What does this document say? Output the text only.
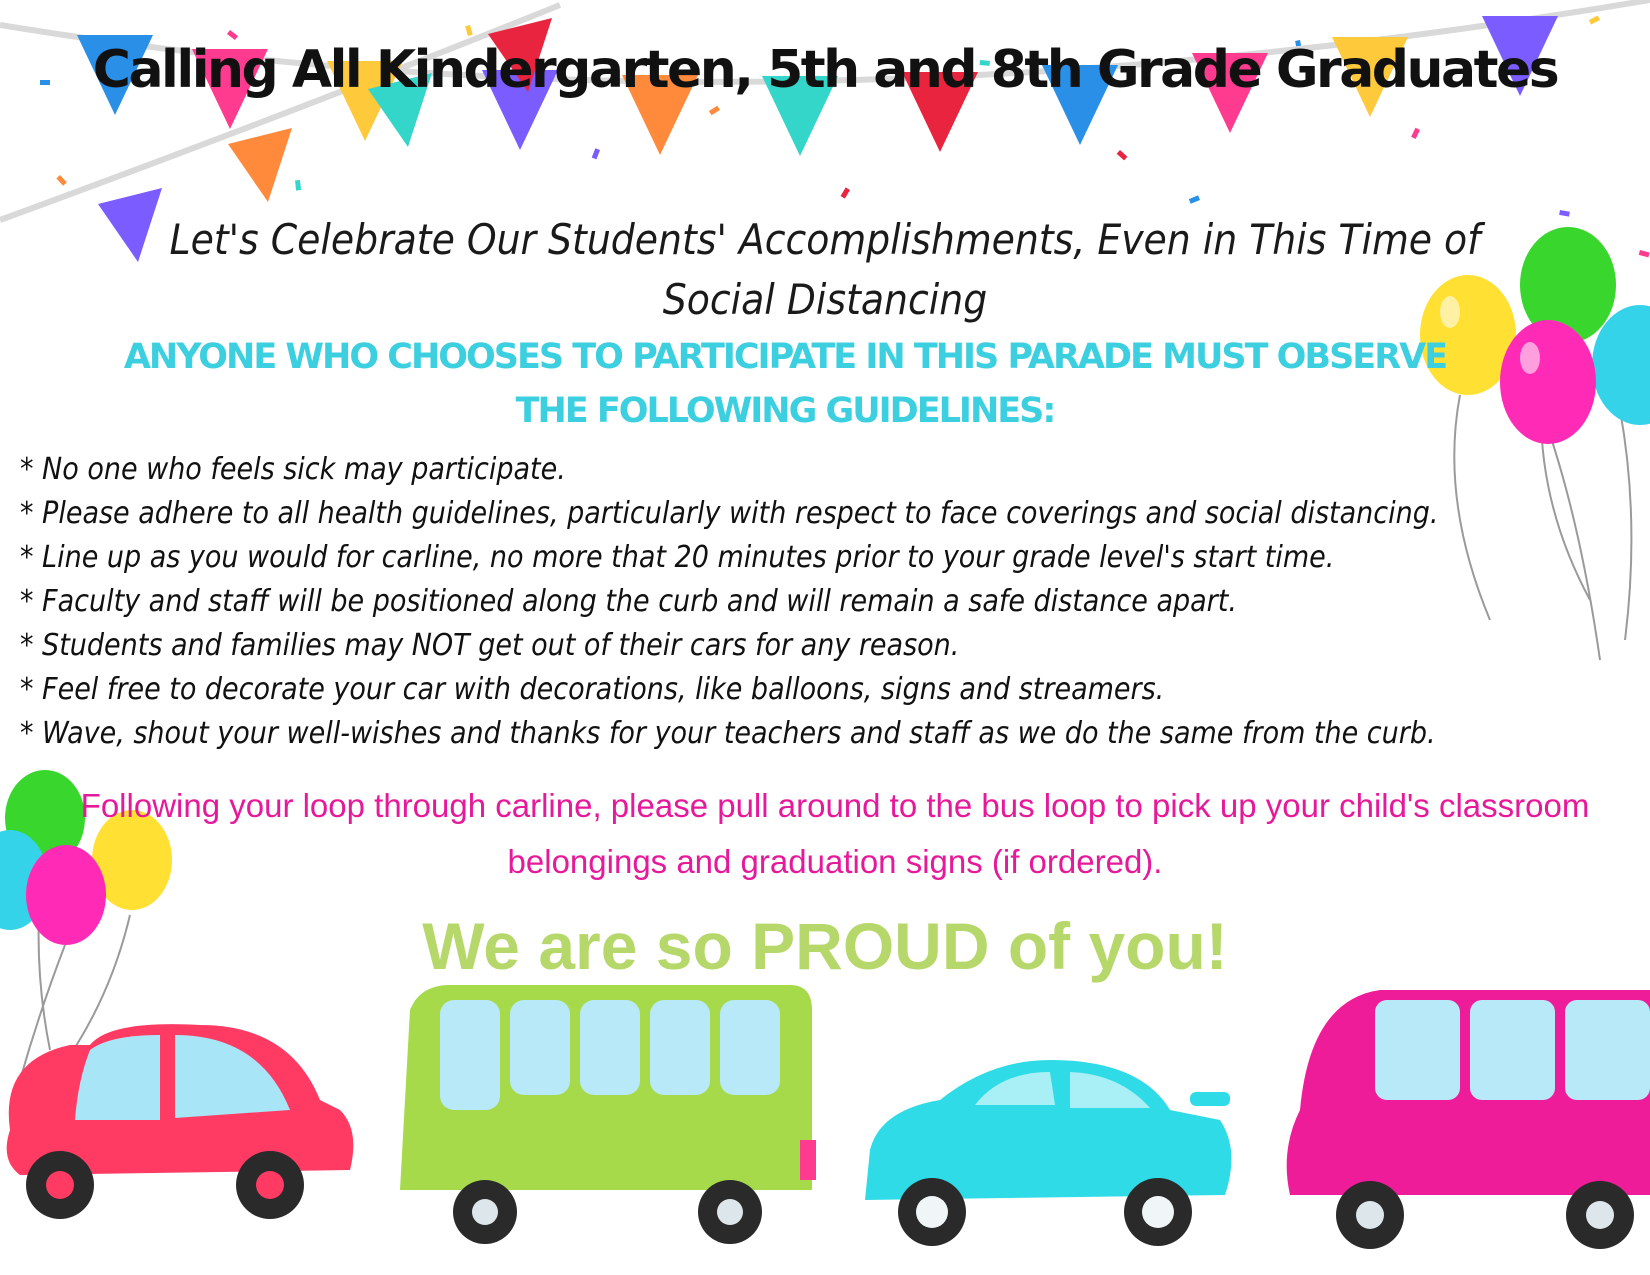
Calling All Kindergarten, 5th and 8th Grade Graduates
Let's Celebrate Our Students' Accomplishments, Even in This Time of Social Distancing
ANYONE WHO CHOOSES TO PARTICIPATE IN THIS PARADE MUST OBSERVE THE FOLLOWING GUIDELINES:
* No one who feels sick may participate.
* Please adhere to all health guidelines, particularly with respect to face coverings and social distancing.
* Line up as you would for carline, no more that 20 minutes prior to your grade level's start time.
* Faculty and staff will be positioned along the curb and will remain a safe distance apart.
* Students and families may NOT get out of their cars for any reason.
* Feel free to decorate your car with decorations, like balloons, signs and streamers.
* Wave, shout your well-wishes and thanks for your teachers and staff as we do the same from the curb.
Following your loop through carline, please pull around to the bus loop to pick up your child's classroom belongings and graduation signs (if ordered).
We are so PROUD of you!
